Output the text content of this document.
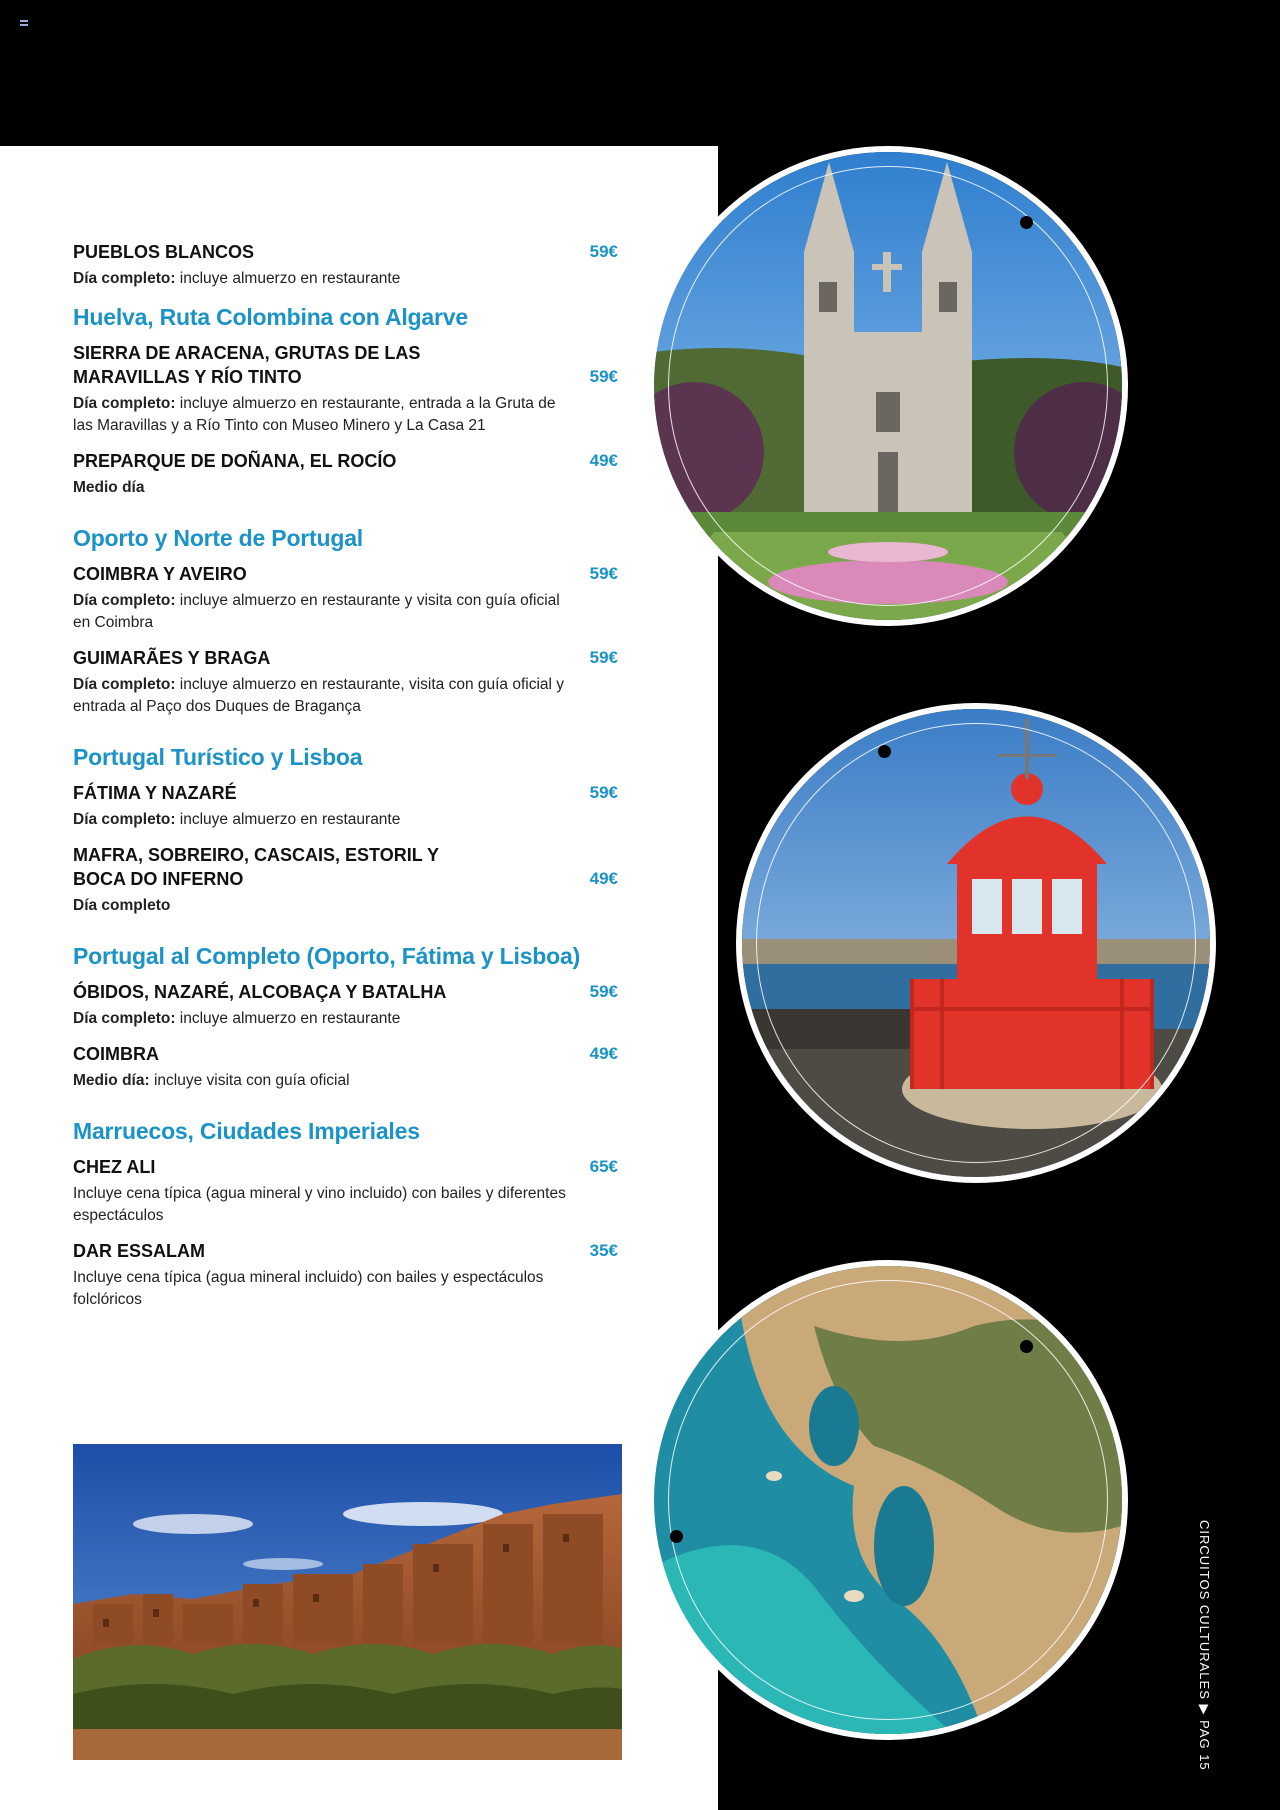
PUEBLOS BLANCOS	59€
Día completo: incluye almuerzo en restaurante
Huelva, Ruta Colombina con Algarve
SIERRA DE ARACENA, GRUTAS DE LAS MARAVILLAS Y RÍO TINTO	59€
Día completo: incluye almuerzo en restaurante, entrada a la Gruta de las Maravillas y a Río Tinto con Museo Minero y La Casa 21
PREPARQUE DE DOÑANA, EL ROCÍO	49€
Medio día
Oporto y Norte de Portugal
COIMBRA Y AVEIRO	59€
Día completo: incluye almuerzo en restaurante y visita con guía oficial en Coimbra
GUIMARÃES Y BRAGA	59€
Día completo: incluye almuerzo en restaurante, visita con guía oficial y entrada al Paço dos Duques de Bragança
Portugal Turístico y Lisboa
FÁTIMA Y NAZARÉ	59€
Día completo: incluye almuerzo en restaurante
MAFRA, SOBREIRO, CASCAIS, ESTORIL Y BOCA DO INFERNO	49€
Día completo
Portugal al Completo (Oporto, Fátima y Lisboa)
ÓBIDOS, NAZARÉ, ALCOBAÇA Y BATALHA	59€
Día completo: incluye almuerzo en restaurante
COIMBRA	49€
Medio día: incluye visita con guía oficial
Marruecos, Ciudades Imperiales
CHEZ ALI	65€
Incluye cena típica (agua mineral y vino incluido) con bailes y diferentes espectáculos
DAR ESSALAM	35€
Incluye cena típica (agua mineral incluido) con bailes y espectáculos folclóricos
CIRCUITOS CULTURALES ▶ PAG 15
